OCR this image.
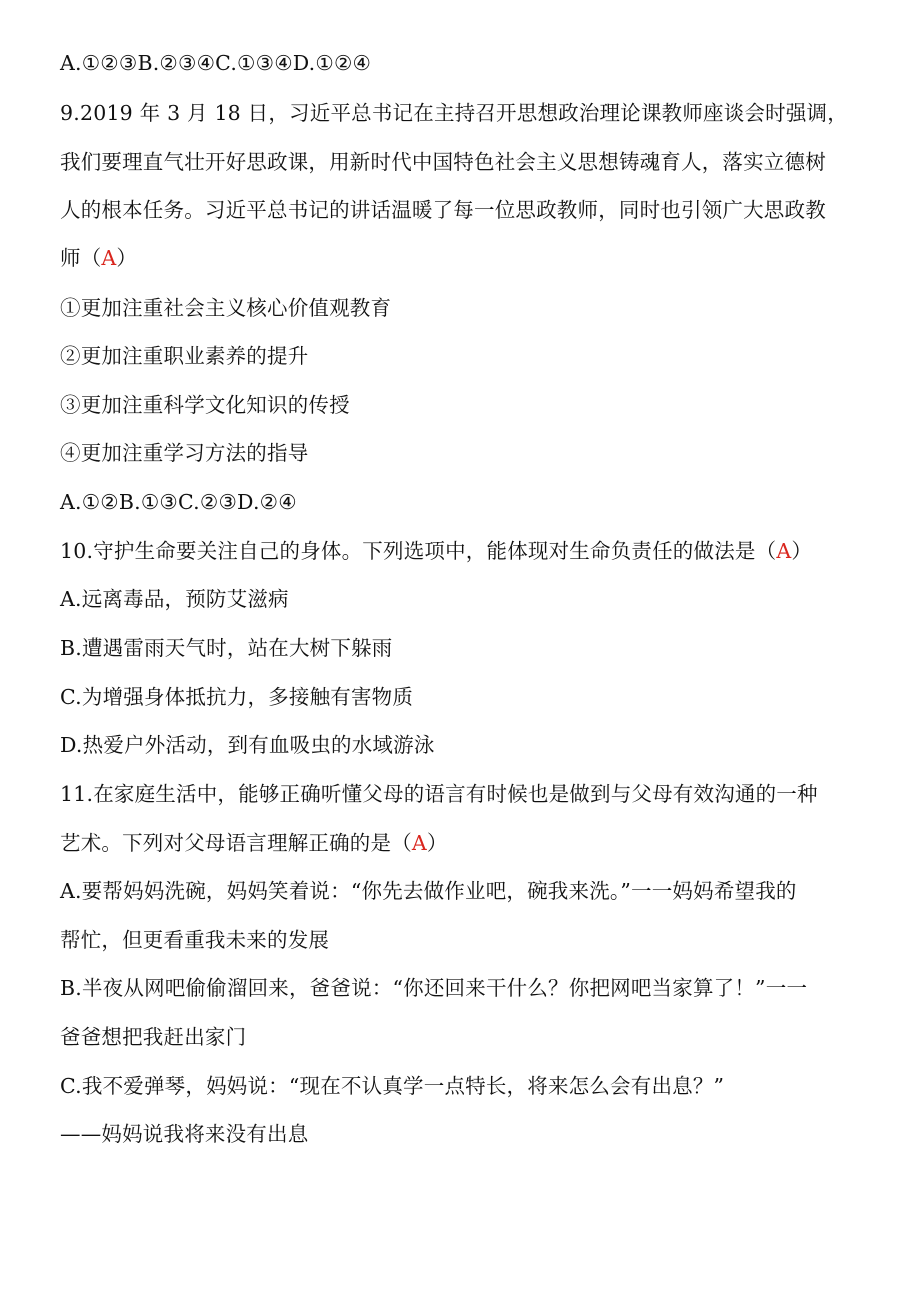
A.①②③B.②③④C.①③④D.①②④
9.2019 年 3 月 18 日，习近平总书记在主持召开思想政治理论课教师座谈会时强调，
我们要理直气壮开好思政课，用新时代中国特色社会主义思想铸魂育人，落实立德树
人的根本任务。习近平总书记的讲话温暖了每一位思政教师，同时也引领广大思政教
师（A）
①更加注重社会主义核心价值观教育
②更加注重职业素养的提升
③更加注重科学文化知识的传授
④更加注重学习方法的指导
A.①②B.①③C.②③D.②④
10.守护生命要关注自己的身体。下列选项中，能体现对生命负责任的做法是（A）
A.远离毒品，预防艾滋病
B.遭遇雷雨天气时，站在大树下躲雨
C.为增强身体抵抗力，多接触有害物质
D.热爱户外活动，到有血吸虫的水域游泳
11.在家庭生活中，能够正确听懂父母的语言有时候也是做到与父母有效沟通的一种
艺术。下列对父母语言理解正确的是（A）
A.要帮妈妈洗碗，妈妈笑着说：“你先去做作业吧，碗我来洗。”一一妈妈希望我的
帮忙，但更看重我未来的发展
B.半夜从网吧偷偷溜回来，爸爸说：“你还回来干什么？你把网吧当家算了！”一一
爸爸想把我赶出家门
C.我不爱弹琴，妈妈说：“现在不认真学一点特长，将来怎么会有出息？”
——妈妈说我将来没有出息
